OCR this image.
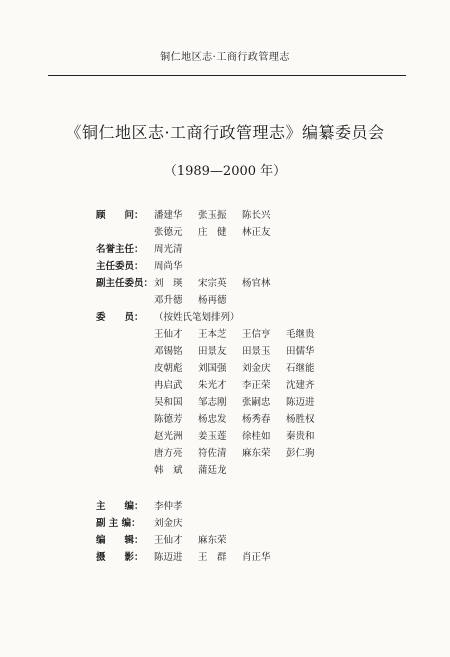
铜仁地区志·工商行政管理志
《铜仁地区志·工商行政管理志》编纂委员会
（1989—2000 年）
顾　　问：	潘建华	张玉振	陈长兴
张德元	庄　健	林正友
名誉主任：	周光清
主任委员：	周尚华
副主任委员： 刘　瑛	宋宗英	杨官林
邓升德	杨再德
委　　员：	（按姓氏笔划排列）
王仙才	王本芝	王信亨	毛继贵
邓锡铭	田景友	田景玉	田儒华
皮朝彪	刘国强	刘金庆	石继能
冉启武	朱光才	李正荣	沈建齐
吴和国	邹志刚	张嗣忠	陈迈进
陈德芳	杨忠发	杨秀春	杨胜权
赵光洲	姜玉莲	徐桂如	秦贵和
唐方亮	符佐清	麻东荣	彭仁驹
韩　斌	蒲廷龙
主　　编：	李仲孝
副 主 编：	刘金庆
编　　辑：	王仙才	麻东荣
摄　　影：	陈迈进	王　群	肖正华
